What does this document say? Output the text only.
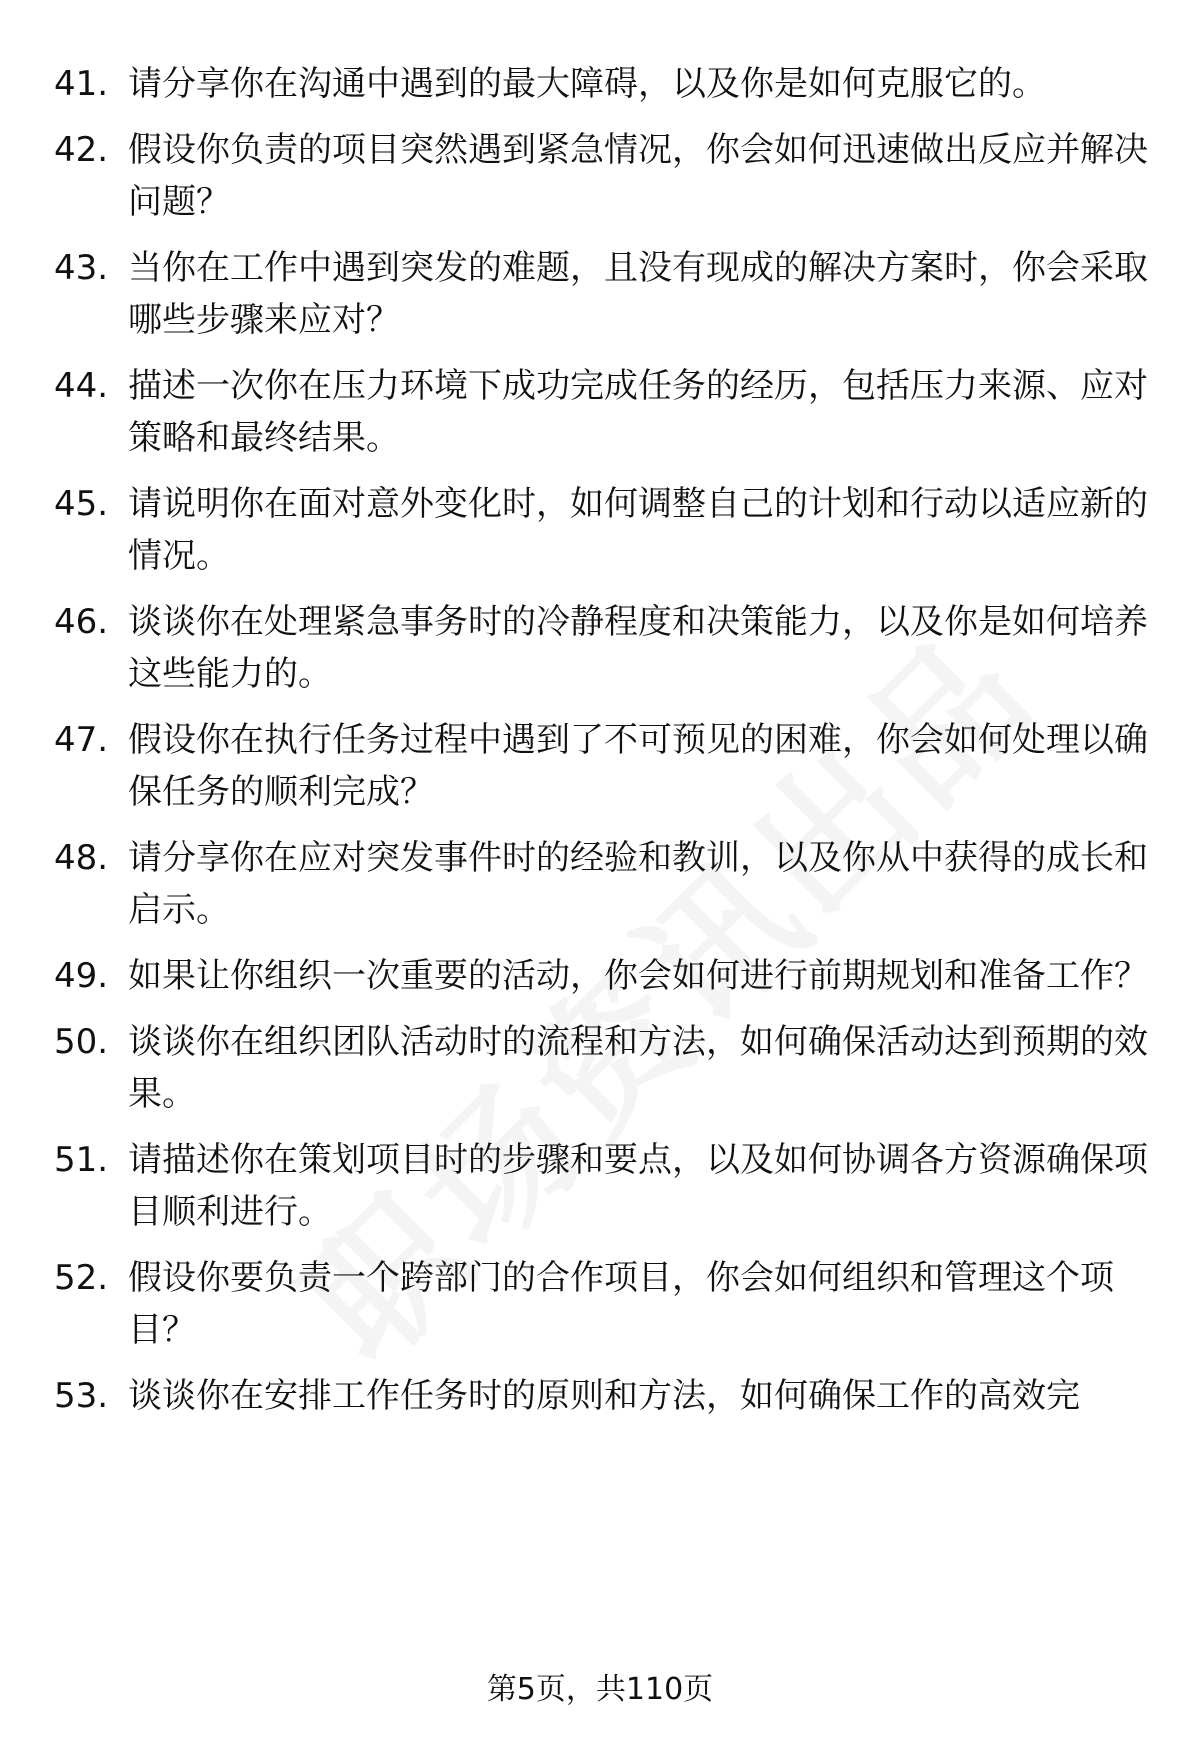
41. 请分享你在沟通中遇到的最大障碍，以及你是如何克服它的。

42. 假设你负责的项目突然遇到紧急情况，你会如何迅速做出反应并解决问题？

43. 当你在工作中遇到突发的难题，且没有现成的解决方案时，你会采取哪些步骤来应对？

44. 描述一次你在压力环境下成功完成任务的经历，包括压力来源、应对策略和最终结果。

45. 请说明你在面对意外变化时，如何调整自己的计划和行动以适应新的情况。

46. 谈谈你在处理紧急事务时的冷静程度和决策能力，以及你是如何培养这些能力的。

47. 假设你在执行任务过程中遇到了不可预见的困难，你会如何处理以确保任务的顺利完成？

48. 请分享你在应对突发事件时的经验和教训，以及你从中获得的成长和启示。

49. 如果让你组织一次重要的活动，你会如何进行前期规划和准备工作？

50. 谈谈你在组织团队活动时的流程和方法，如何确保活动达到预期的效果。

51. 请描述你在策划项目时的步骤和要点，以及如何协调各方资源确保项目顺利进行。

52. 假设你要负责一个跨部门的合作项目，你会如何组织和管理这个项目？

53. 谈谈你在安排工作任务时的原则和方法，如何确保工作的高效完

第5页，共110页
